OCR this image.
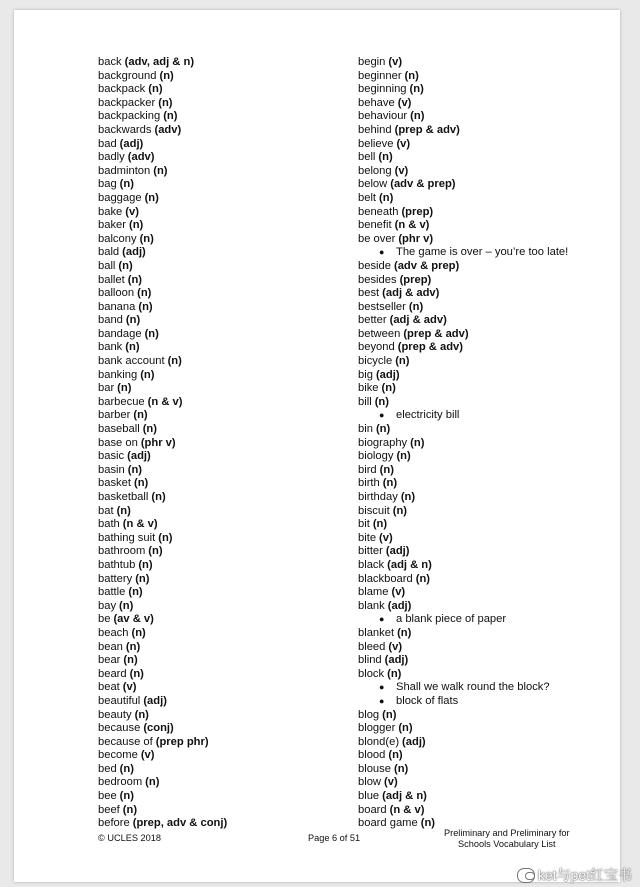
back (adv, adj & n)
background (n)
backpack (n)
backpacker (n)
backpacking (n)
backwards (adv)
bad (adj)
badly (adv)
badminton (n)
bag (n)
baggage (n)
bake (v)
baker (n)
balcony (n)
bald (adj)
ball (n)
ballet (n)
balloon (n)
banana (n)
band (n)
bandage (n)
bank (n)
bank account (n)
banking (n)
bar (n)
barbecue (n & v)
barber (n)
baseball (n)
base on (phr v)
basic (adj)
basin (n)
basket (n)
basketball (n)
bat (n)
bath (n & v)
bathing suit (n)
bathroom (n)
bathtub (n)
battery (n)
battle (n)
bay (n)
be (av & v)
beach (n)
bean (n)
bear (n)
beard (n)
beat (v)
beautiful (adj)
beauty (n)
because (conj)
because of (prep phr)
become (v)
bed (n)
bedroom (n)
bee (n)
beef (n)
before (prep, adv & conj)
begin (v)
beginner (n)
beginning (n)
behave (v)
behaviour (n)
behind (prep & adv)
believe (v)
bell (n)
belong (v)
below (adv & prep)
belt (n)
beneath (prep)
benefit (n & v)
be over (phr v)
● The game is over – you’re too late!
beside (adv & prep)
besides (prep)
best (adj & adv)
bestseller (n)
better (adj & adv)
between (prep & adv)
beyond (prep & adv)
bicycle (n)
big (adj)
bike (n)
bill (n)
● electricity bill
bin (n)
biography (n)
biology (n)
bird (n)
birth (n)
birthday (n)
biscuit (n)
bit (n)
bite (v)
bitter (adj)
black (adj & n)
blackboard (n)
blame (v)
blank (adj)
● a blank piece of paper
blanket (n)
bleed (v)
blind (adj)
block (n)
● Shall we walk round the block?
● block of flats
blog (n)
blogger (n)
blond(e) (adj)
blood (n)
blouse (n)
blow (v)
blue (adj & n)
board (n & v)
board game (n)
© UCLES 2018	Page 6 of 51	Preliminary and Preliminary for
Schools Vocabulary List
ket与pet红宝书
